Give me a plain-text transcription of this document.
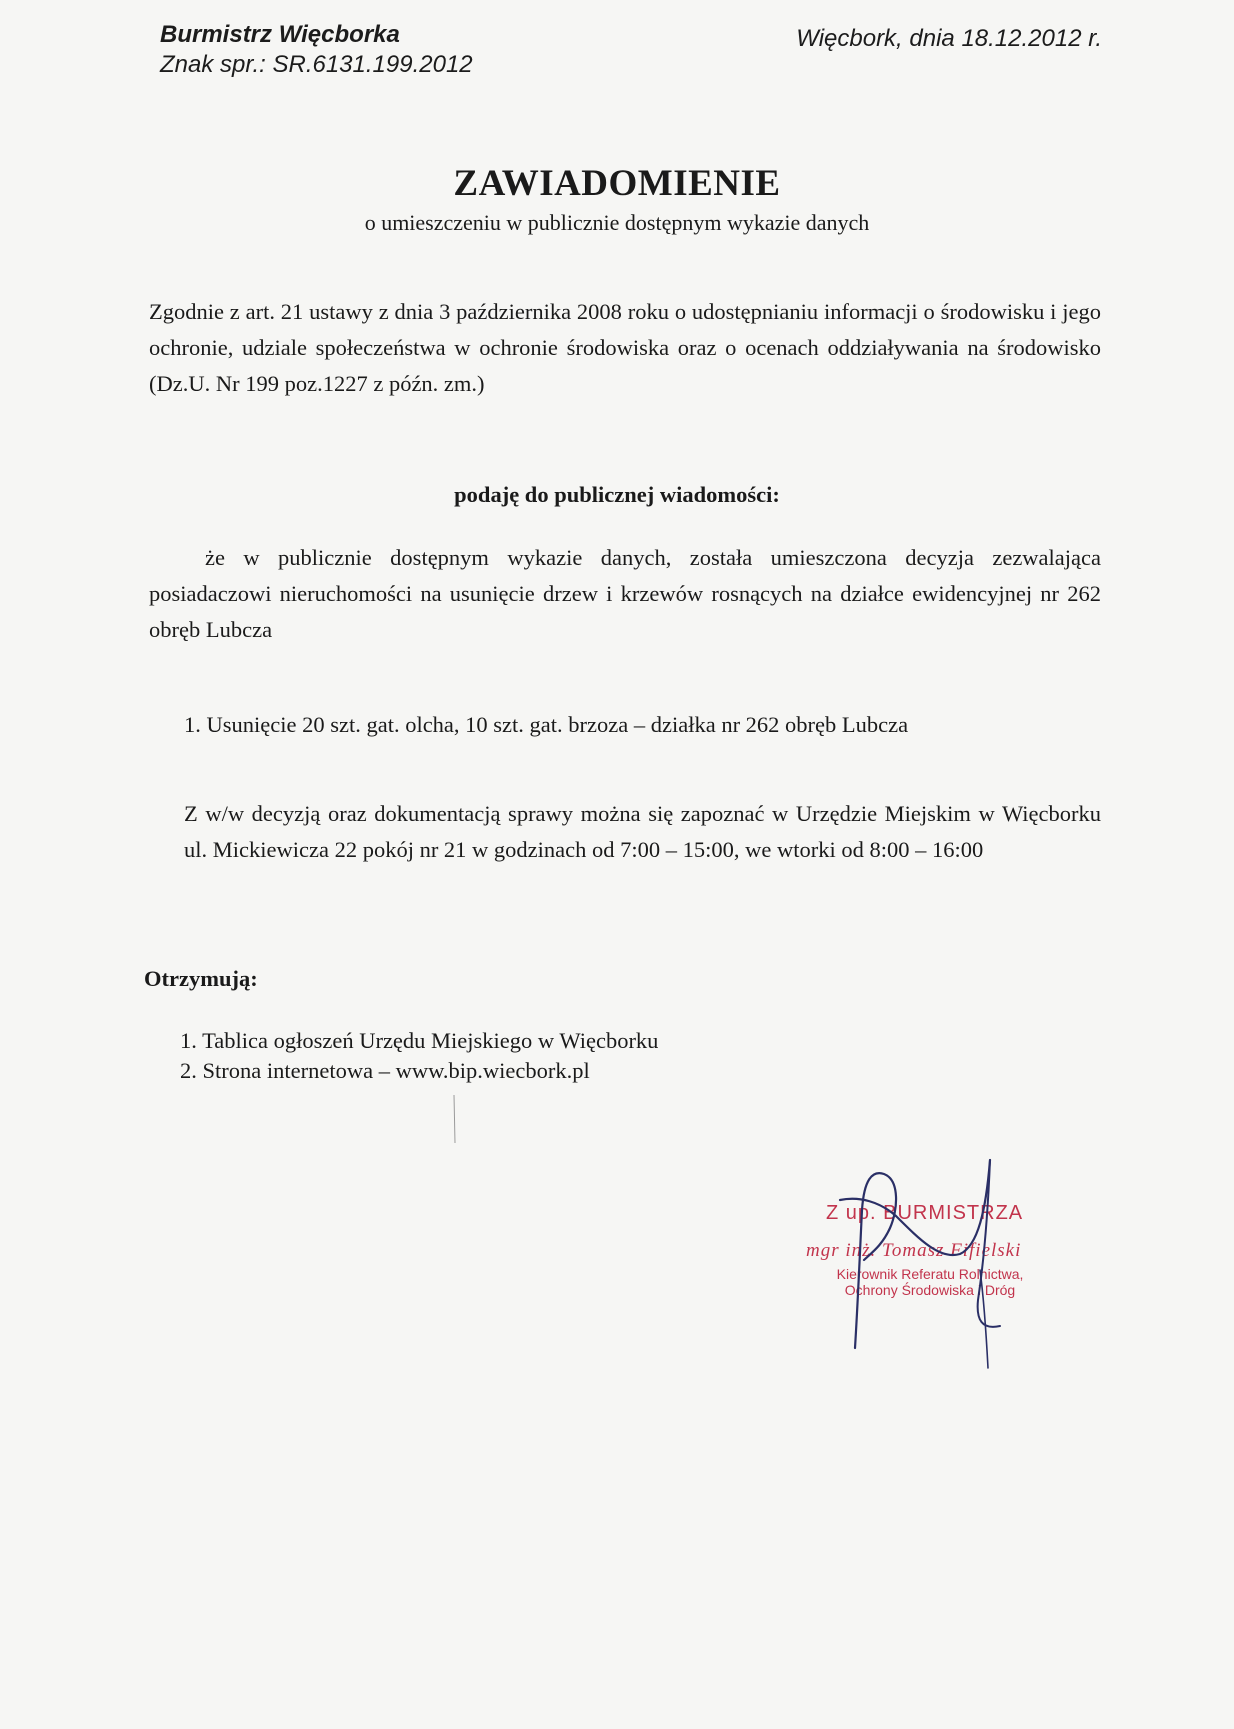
Burmistrz Więcborka
Znak spr.: SR.6131.199.2012
Więcbork, dnia 18.12.2012 r.
ZAWIADOMIENIE
o umieszczeniu w publicznie dostępnym wykazie danych
Zgodnie z art. 21 ustawy z dnia 3 października 2008 roku o udostępnianiu informacji o środowisku i jego ochronie, udziale społeczeństwa w ochronie środowiska oraz o ocenach oddziaływania na środowisko (Dz.U. Nr 199 poz.1227 z późn. zm.)
podaję do publicznej wiadomości:
że w publicznie dostępnym wykazie danych, została umieszczona decyzja zezwalająca posiadaczowi nieruchomości na usunięcie drzew i krzewów rosnących na działce ewidencyjnej nr 262 obręb Lubcza
1. Usunięcie 20 szt. gat. olcha, 10 szt. gat. brzoza – działka nr 262 obręb Lubcza
Z w/w decyzją oraz dokumentacją sprawy można się zapoznać w Urzędzie Miejskim w Więcborku ul. Mickiewicza 22 pokój nr 21 w godzinach od 7:00 – 15:00, we wtorki od 8:00 – 16:00
Otrzymują:
1. Tablica ogłoszeń Urzędu Miejskiego w Więcborku
2. Strona internetowa – www.bip.wiecbork.pl
Z up. BURMISTRZA
mgr inż. Tomasz Fifielski
Kierownik Referatu Rolnictwa,
Ochrony Środowiska i Dróg
